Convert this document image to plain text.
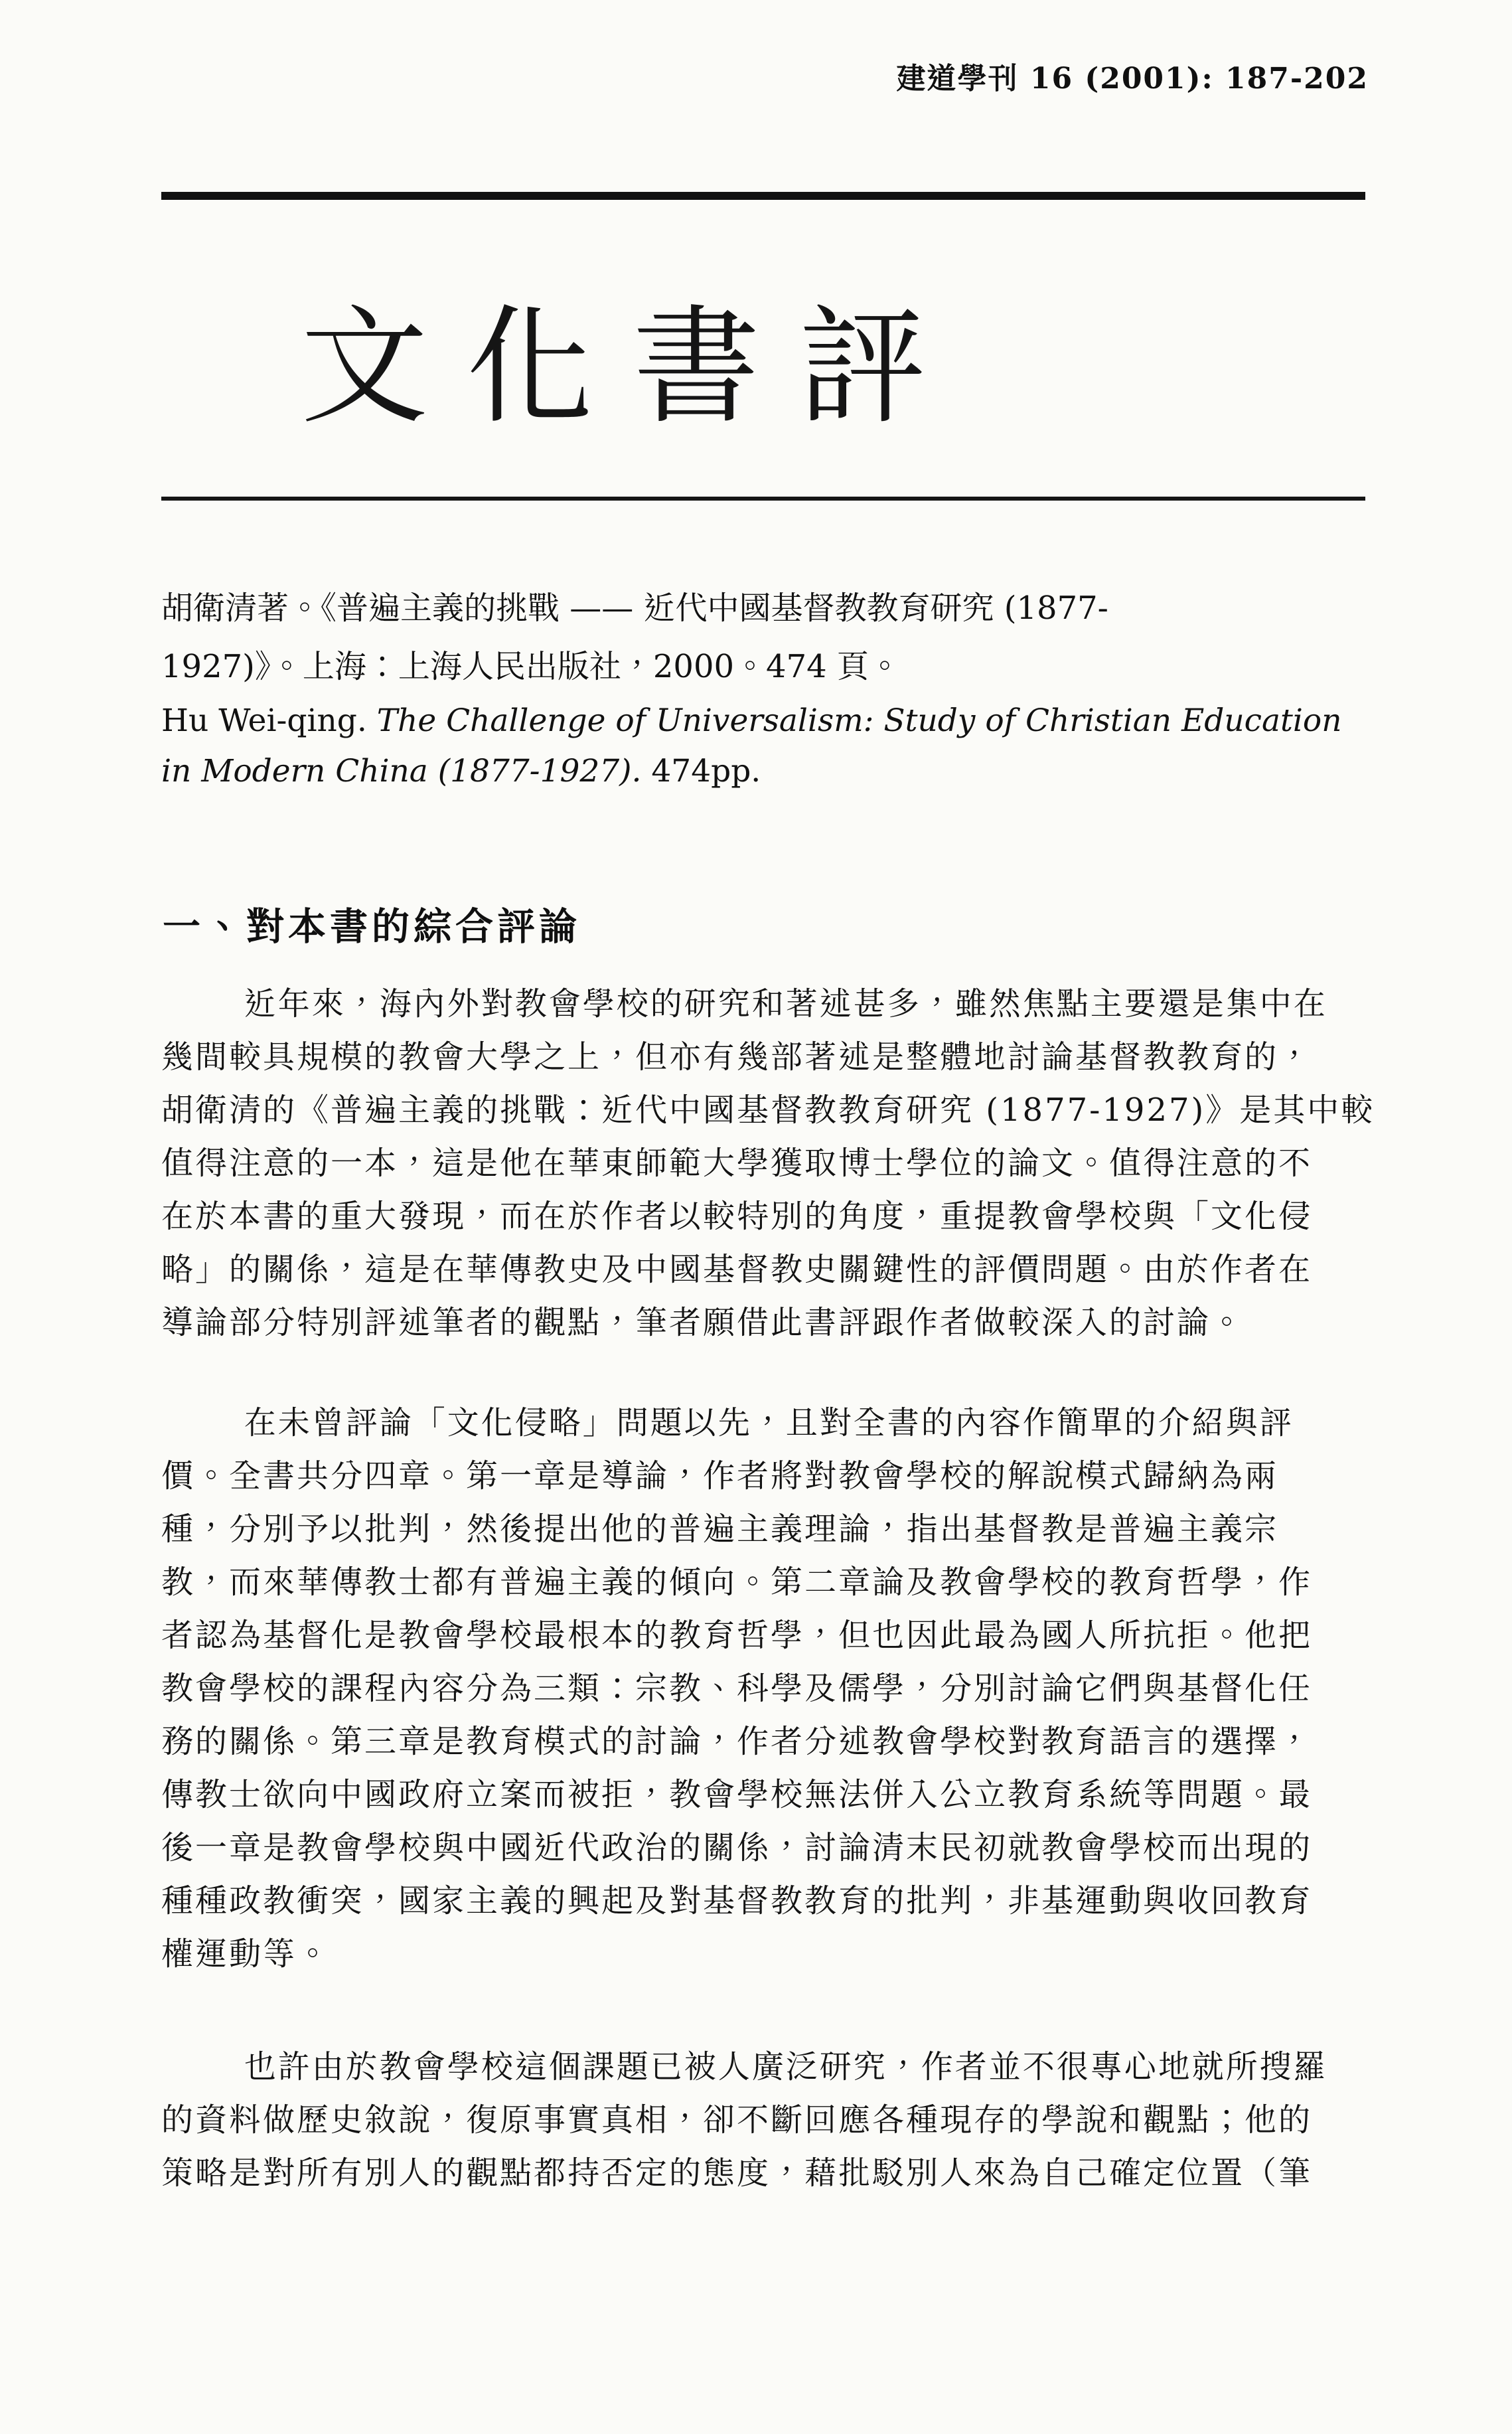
建道學刊 16 (2001): 187-202
文化書評
胡衛清著。《普遍主義的挑戰 —— 近代中國基督教教育研究 (1877-
1927)》。上海：上海人民出版社，2000。474 頁。
Hu Wei-qing. The Challenge of Universalism: Study of Christian Education
in Modern China (1877-1927). 474pp.
一、對本書的綜合評論
近年來，海內外對教會學校的研究和著述甚多，雖然焦點主要還是集中在
幾間較具規模的教會大學之上，但亦有幾部著述是整體地討論基督教教育的，
胡衛清的《普遍主義的挑戰：近代中國基督教教育研究 (1877-1927)》是其中較
值得注意的一本，這是他在華東師範大學獲取博士學位的論文。值得注意的不
在於本書的重大發現，而在於作者以較特別的角度，重提教會學校與「文化侵
略」的關係，這是在華傳教史及中國基督教史關鍵性的評價問題。由於作者在
導論部分特別評述筆者的觀點，筆者願借此書評跟作者做較深入的討論。
在未曾評論「文化侵略」問題以先，且對全書的內容作簡單的介紹與評
價。全書共分四章。第一章是導論，作者將對教會學校的解說模式歸納為兩
種，分別予以批判，然後提出他的普遍主義理論，指出基督教是普遍主義宗
教，而來華傳教士都有普遍主義的傾向。第二章論及教會學校的教育哲學，作
者認為基督化是教會學校最根本的教育哲學，但也因此最為國人所抗拒。他把
教會學校的課程內容分為三類：宗教、科學及儒學，分別討論它們與基督化任
務的關係。第三章是教育模式的討論，作者分述教會學校對教育語言的選擇，
傳教士欲向中國政府立案而被拒，教會學校無法併入公立教育系統等問題。最
後一章是教會學校與中國近代政治的關係，討論清末民初就教會學校而出現的
種種政教衝突，國家主義的興起及對基督教教育的批判，非基運動與收回教育
權運動等。
也許由於教會學校這個課題已被人廣泛研究，作者並不很專心地就所搜羅
的資料做歷史敘說，復原事實真相，卻不斷回應各種現存的學說和觀點；他的
策略是對所有別人的觀點都持否定的態度，藉批駁別人來為自己確定位置（筆
